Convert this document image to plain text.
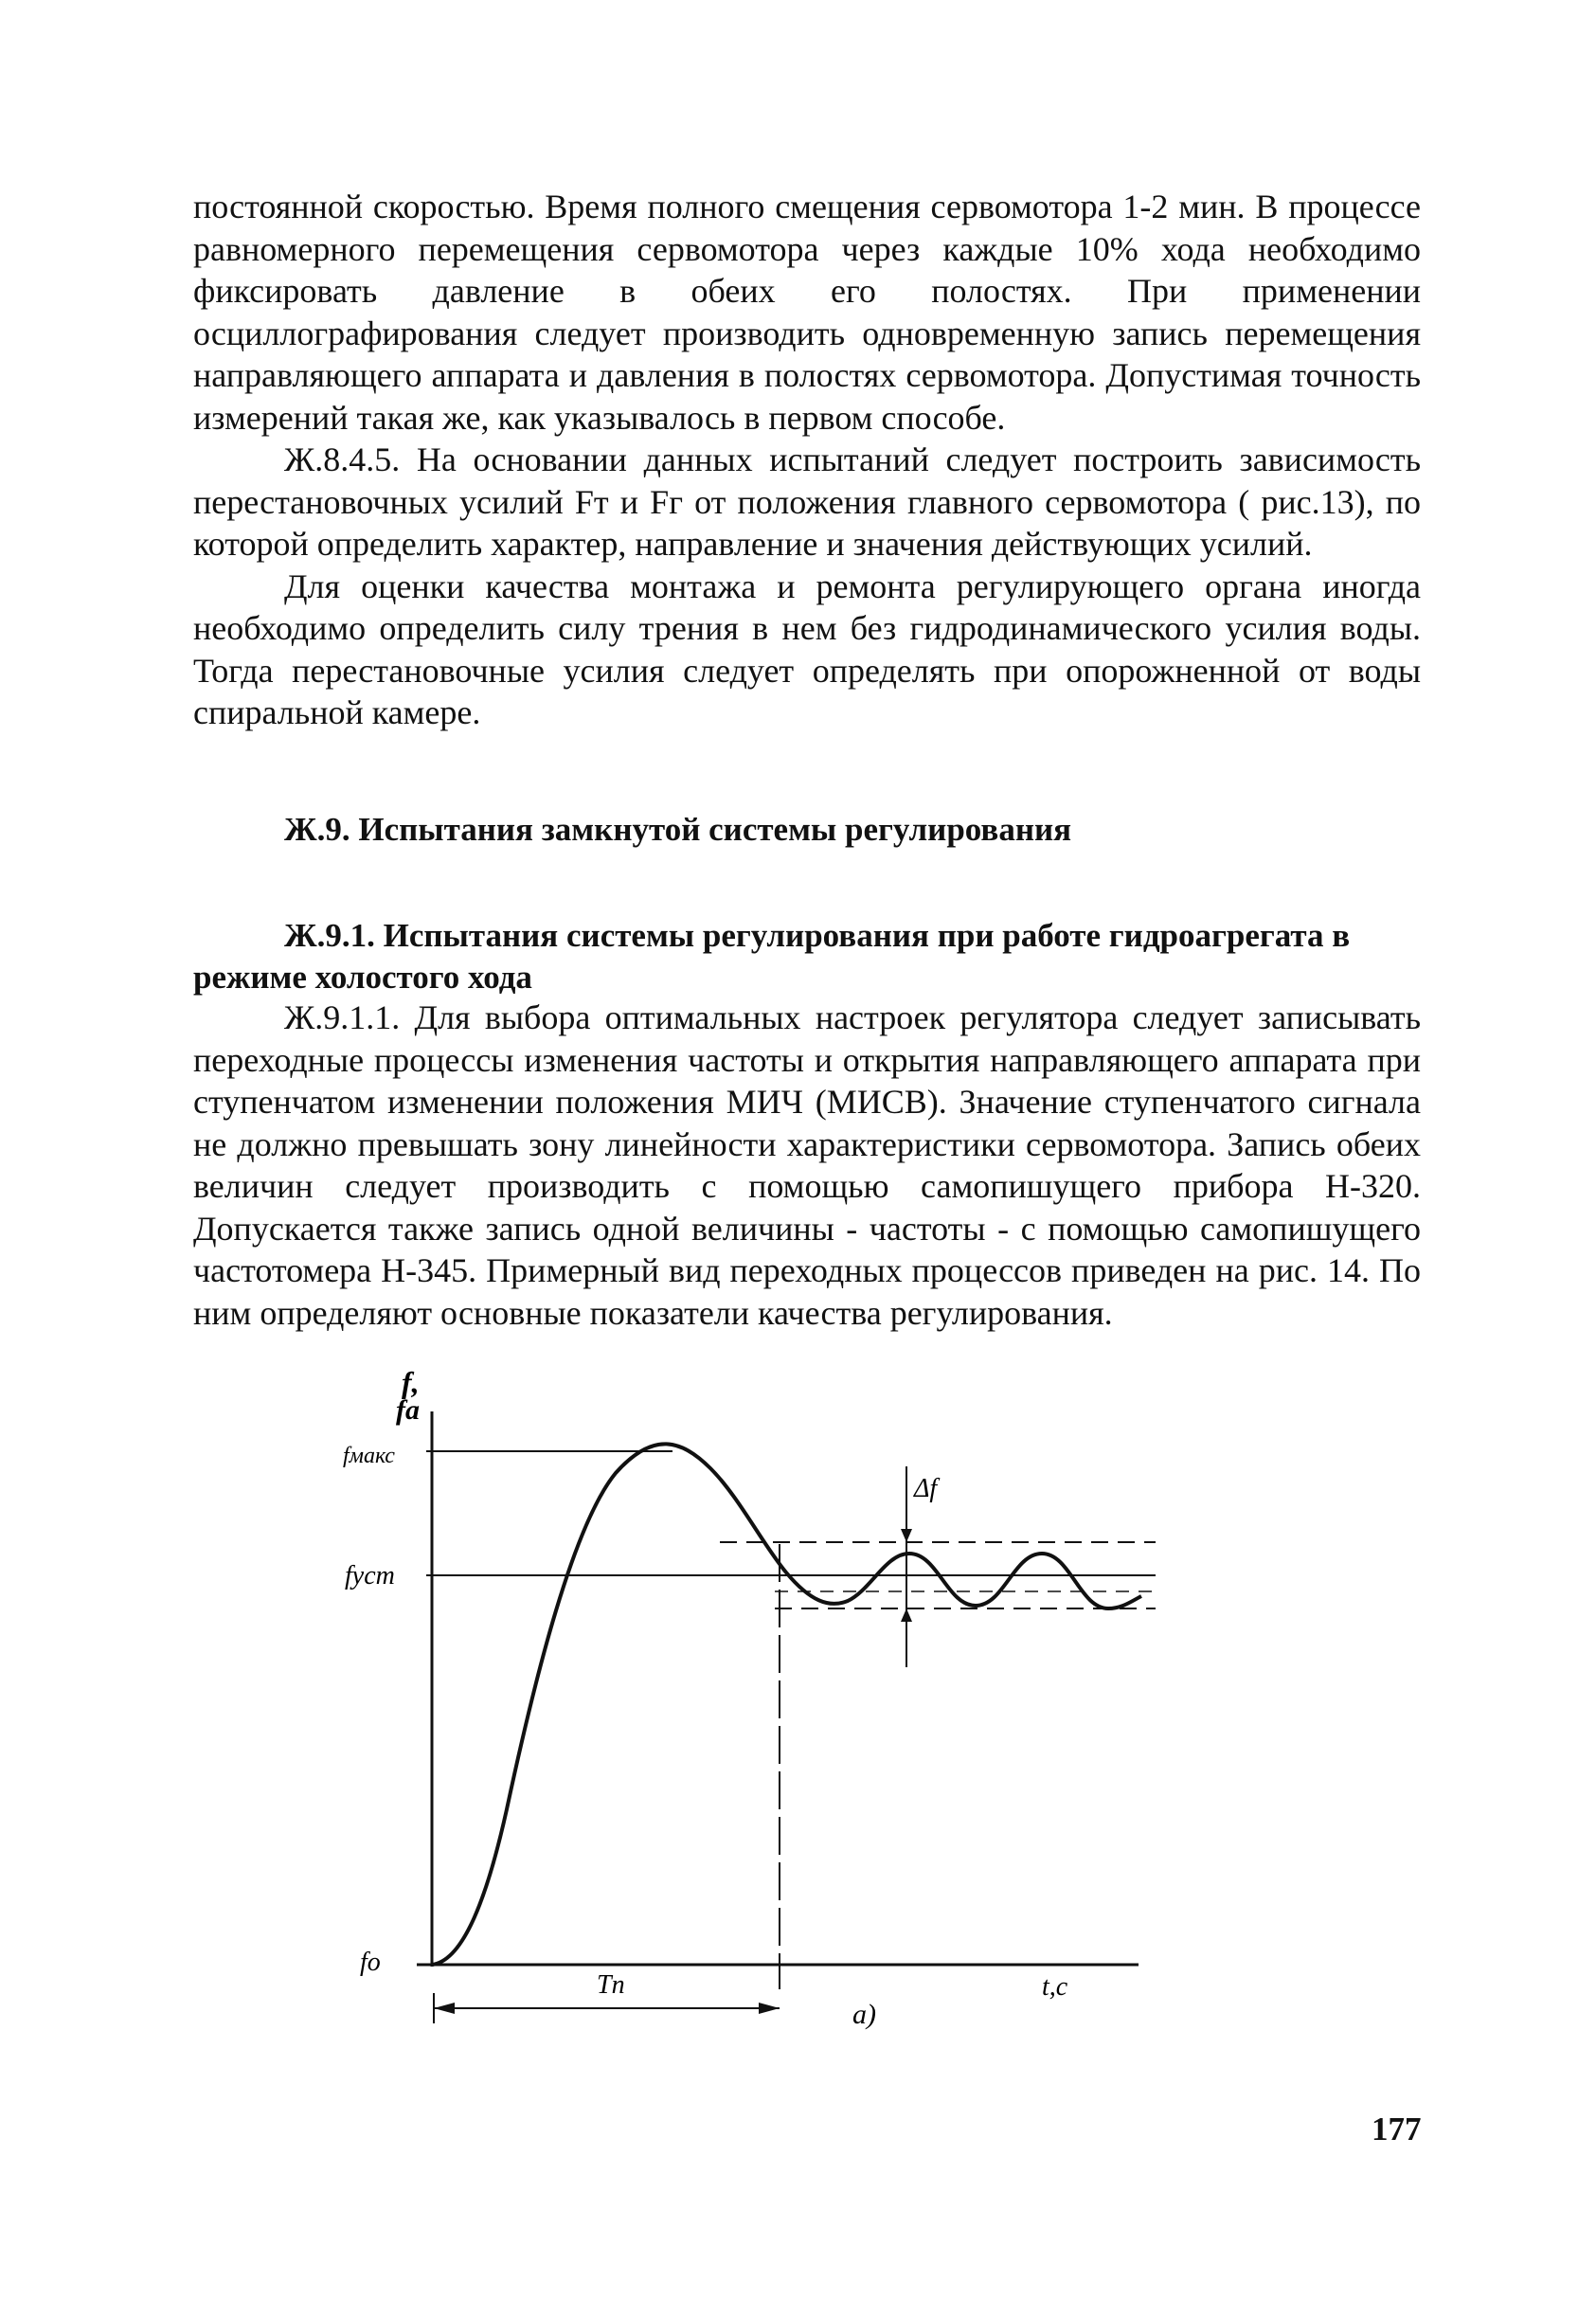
постоянной скоростью. Время полного смещения сервомотора 1-2 мин. В процессе равномерного перемещения сервомотора через каждые 10% хода необходимо фиксировать давление в обеих его полостях. При применении осциллографирования следует производить одновременную запись перемещения направляющего аппарата и давления в полостях сервомотора. Допустимая точность измерений такая же, как указывалось в первом способе.

Ж.8.4.5. На основании данных испытаний следует построить зависимость перестановочных усилий Fт и Fг от положения главного сервомотора ( рис.13), по которой определить характер, направление и значения действующих усилий.

Для оценки качества монтажа и ремонта регулирующего органа иногда необходимо определить силу трения в нем без гидродинамического усилия воды. Тогда перестановочные усилия следует определять при опорожненной от воды спиральной камере.

Ж.9. Испытания замкнутой системы регулирования

Ж.9.1. Испытания системы регулирования при работе гидроагрегата в режиме холостого хода

Ж.9.1.1. Для выбора оптимальных настроек регулятора следует записывать переходные процессы изменения частоты и открытия направляющего аппарата при ступенчатом изменении положения МИЧ (МИСВ). Значение ступенчатого сигнала не должно превышать зону линейности характеристики сервомотора. Запись обеих величин следует производить с помощью самопишущего прибора Н-320. Допускается также запись одной величины - частоты - с помощью самопишущего частотомера Н-345. Примерный вид переходных процессов приведен на рис. 14. По ним определяют основные показатели качества регулирования.

f,
fa
fмакс
fуст
fo
Δf
Tп	t,c
а)
177
